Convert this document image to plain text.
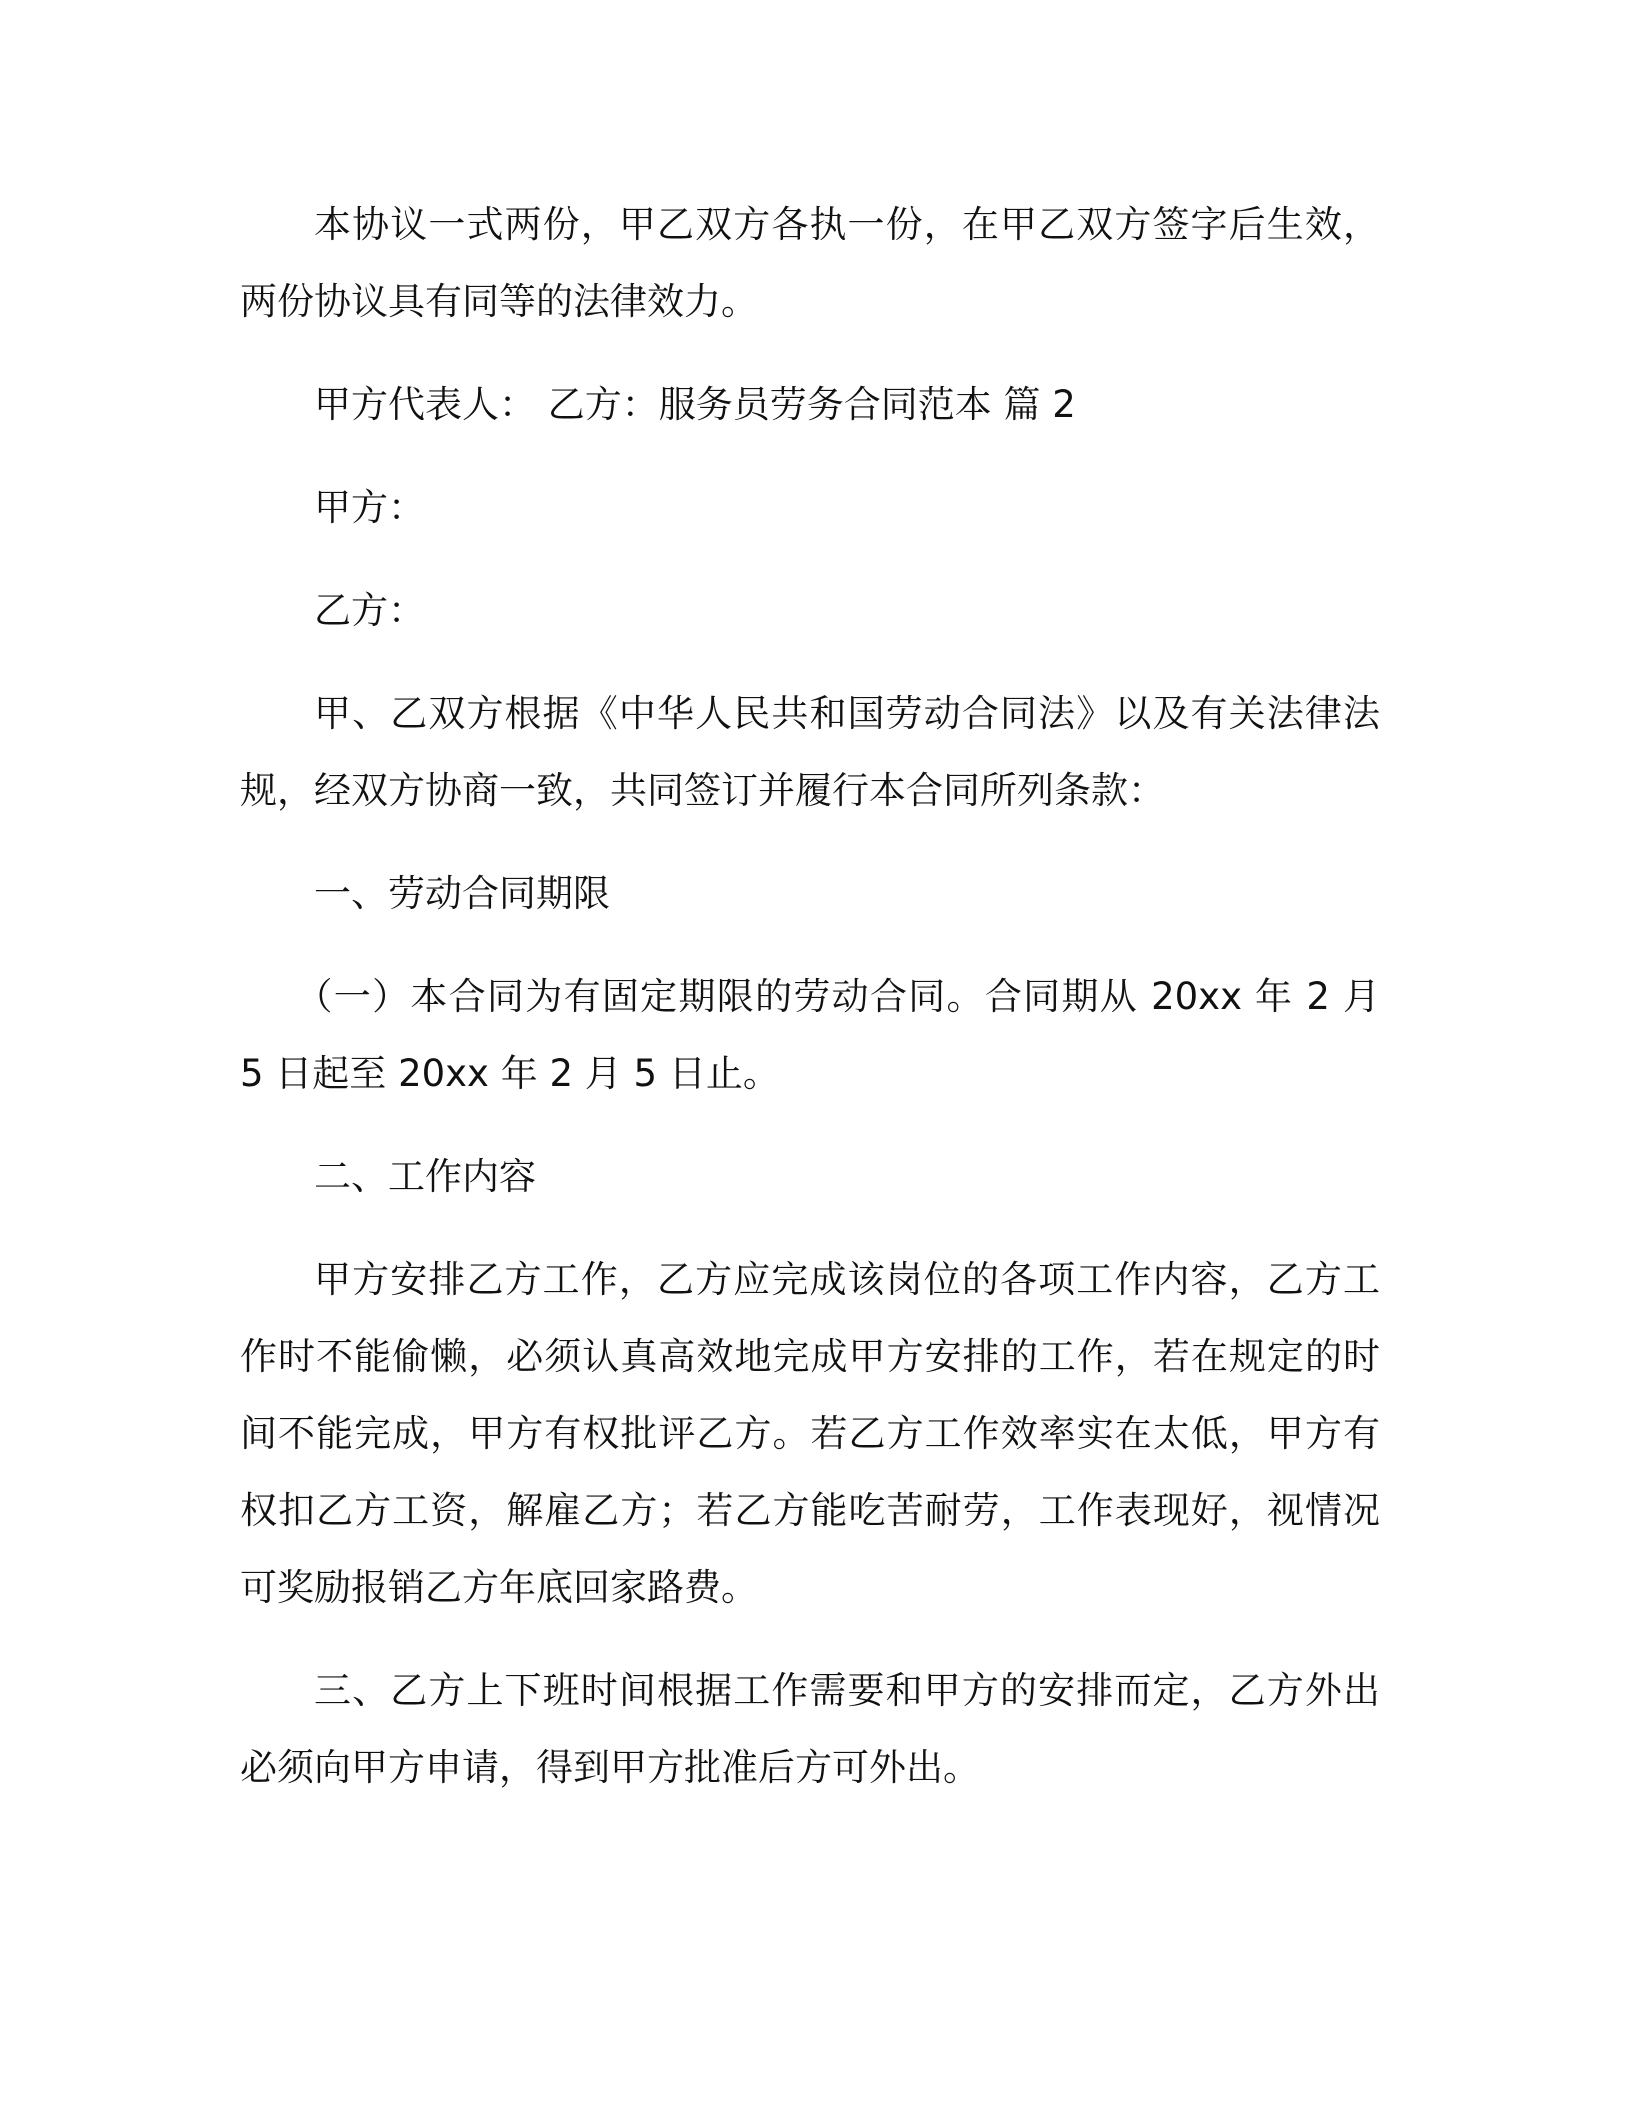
本协议一式两份，甲乙双方各执一份，在甲乙双方签字后生效，两份协议具有同等的法律效力。

甲方代表人： 乙方：服务员劳务合同范本 篇 2

甲方：

乙方：

甲、乙双方根据《中华人民共和国劳动合同法》以及有关法律法规，经双方协商一致，共同签订并履行本合同所列条款：

一、劳动合同期限

（一）本合同为有固定期限的劳动合同。合同期从 20xx 年 2 月 5 日起至 20xx 年 2 月 5 日止。

二、工作内容

甲方安排乙方工作，乙方应完成该岗位的各项工作内容，乙方工作时不能偷懒，必须认真高效地完成甲方安排的工作，若在规定的时间不能完成，甲方有权批评乙方。若乙方工作效率实在太低，甲方有权扣乙方工资，解雇乙方；若乙方能吃苦耐劳，工作表现好，视情况可奖励报销乙方年底回家路费。

三、乙方上下班时间根据工作需要和甲方的安排而定，乙方外出必须向甲方申请，得到甲方批准后方可外出。
